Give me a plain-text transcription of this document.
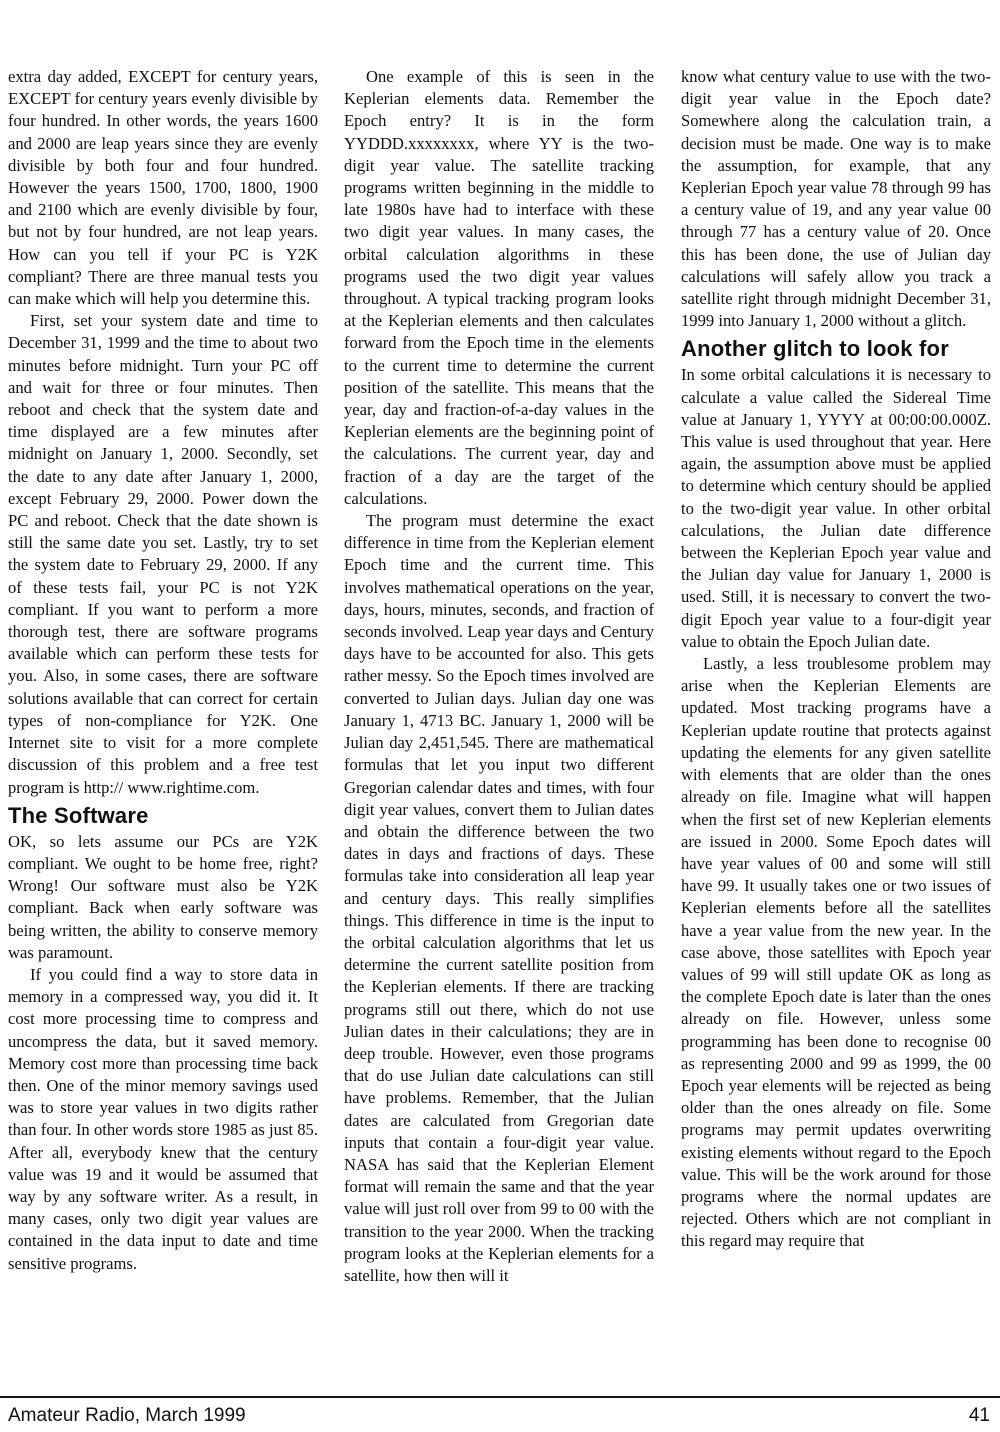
extra day added, EXCEPT for century years, EXCEPT for century years evenly divisible by four hundred. In other words, the years 1600 and 2000 are leap years since they are evenly divisible by both four and four hundred. However the years 1500, 1700, 1800, 1900 and 2100 which are evenly divisible by four, but not by four hundred, are not leap years. How can you tell if your PC is Y2K compliant? There are three manual tests you can make which will help you determine this.

First, set your system date and time to December 31, 1999 and the time to about two minutes before midnight. Turn your PC off and wait for three or four minutes. Then reboot and check that the system date and time displayed are a few minutes after midnight on January 1, 2000. Secondly, set the date to any date after January 1, 2000, except February 29, 2000. Power down the PC and reboot. Check that the date shown is still the same date you set. Lastly, try to set the system date to February 29, 2000. If any of these tests fail, your PC is not Y2K compliant. If you want to perform a more thorough test, there are software programs available which can perform these tests for you. Also, in some cases, there are software solutions available that can correct for certain types of non-compliance for Y2K. One Internet site to visit for a more complete discussion of this problem and a free test program is http:// www.rightime.com.

The Software

OK, so lets assume our PCs are Y2K compliant. We ought to be home free, right? Wrong! Our software must also be Y2K compliant. Back when early software was being written, the ability to conserve memory was paramount.

If you could find a way to store data in memory in a compressed way, you did it. It cost more processing time to compress and uncompress the data, but it saved memory. Memory cost more than processing time back then. One of the minor memory savings used was to store year values in two digits rather than four. In other words store 1985 as just 85. After all, everybody knew that the century value was 19 and it would be assumed that way by any software writer. As a result, in many cases, only two digit year values are contained in the data input to date and time sensitive programs.

One example of this is seen in the Keplerian elements data. Remember the Epoch entry? It is in the form YYDDD.xxxxxxxx, where YY is the two-digit year value. The satellite tracking programs written beginning in the middle to late 1980s have had to interface with these two digit year values. In many cases, the orbital calculation algorithms in these programs used the two digit year values throughout. A typical tracking program looks at the Keplerian elements and then calculates forward from the Epoch time in the elements to the current time to determine the current position of the satellite. This means that the year, day and fraction-of-a-day values in the Keplerian elements are the beginning point of the calculations. The current year, day and fraction of a day are the target of the calculations.

The program must determine the exact difference in time from the Keplerian element Epoch time and the current time. This involves mathematical operations on the year, days, hours, minutes, seconds, and fraction of seconds involved. Leap year days and Century days have to be accounted for also. This gets rather messy. So the Epoch times involved are converted to Julian days. Julian day one was January 1, 4713 BC. January 1, 2000 will be Julian day 2,451,545. There are mathematical formulas that let you input two different Gregorian calendar dates and times, with four digit year values, convert them to Julian dates and obtain the difference between the two dates in days and fractions of days. These formulas take into consideration all leap year and century days. This really simplifies things. This difference in time is the input to the orbital calculation algorithms that let us determine the current satellite position from the Keplerian elements. If there are tracking programs still out there, which do not use Julian dates in their calculations; they are in deep trouble. However, even those programs that do use Julian date calculations can still have problems. Remember, that the Julian dates are calculated from Gregorian date inputs that contain a four-digit year value. NASA has said that the Keplerian Element format will remain the same and that the year value will just roll over from 99 to 00 with the transition to the year 2000. When the tracking program looks at the Keplerian elements for a satellite, how then will it

know what century value to use with the two-digit year value in the Epoch date? Somewhere along the calculation train, a decision must be made. One way is to make the assumption, for example, that any Keplerian Epoch year value 78 through 99 has a century value of 19, and any year value 00 through 77 has a century value of 20. Once this has been done, the use of Julian day calculations will safely allow you track a satellite right through midnight December 31, 1999 into January 1, 2000 without a glitch.

Another glitch to look for

In some orbital calculations it is necessary to calculate a value called the Sidereal Time value at January 1, YYYY at 00:00:00.000Z. This value is used throughout that year. Here again, the assumption above must be applied to determine which century should be applied to the two-digit year value. In other orbital calculations, the Julian date difference between the Keplerian Epoch year value and the Julian day value for January 1, 2000 is used. Still, it is necessary to convert the two-digit Epoch year value to a four-digit year value to obtain the Epoch Julian date.

Lastly, a less troublesome problem may arise when the Keplerian Elements are updated. Most tracking programs have a Keplerian update routine that protects against updating the elements for any given satellite with elements that are older than the ones already on file. Imagine what will happen when the first set of new Keplerian elements are issued in 2000. Some Epoch dates will have year values of 00 and some will still have 99. It usually takes one or two issues of Keplerian elements before all the satellites have a year value from the new year. In the case above, those satellites with Epoch year values of 99 will still update OK as long as the complete Epoch date is later than the ones already on file. However, unless some programming has been done to recognise 00 as representing 2000 and 99 as 1999, the 00 Epoch year elements will be rejected as being older than the ones already on file. Some programs may permit updates overwriting existing elements without regard to the Epoch value. This will be the work around for those programs where the normal updates are rejected. Others which are not compliant in this regard may require that

Amateur Radio, March 1999	41
